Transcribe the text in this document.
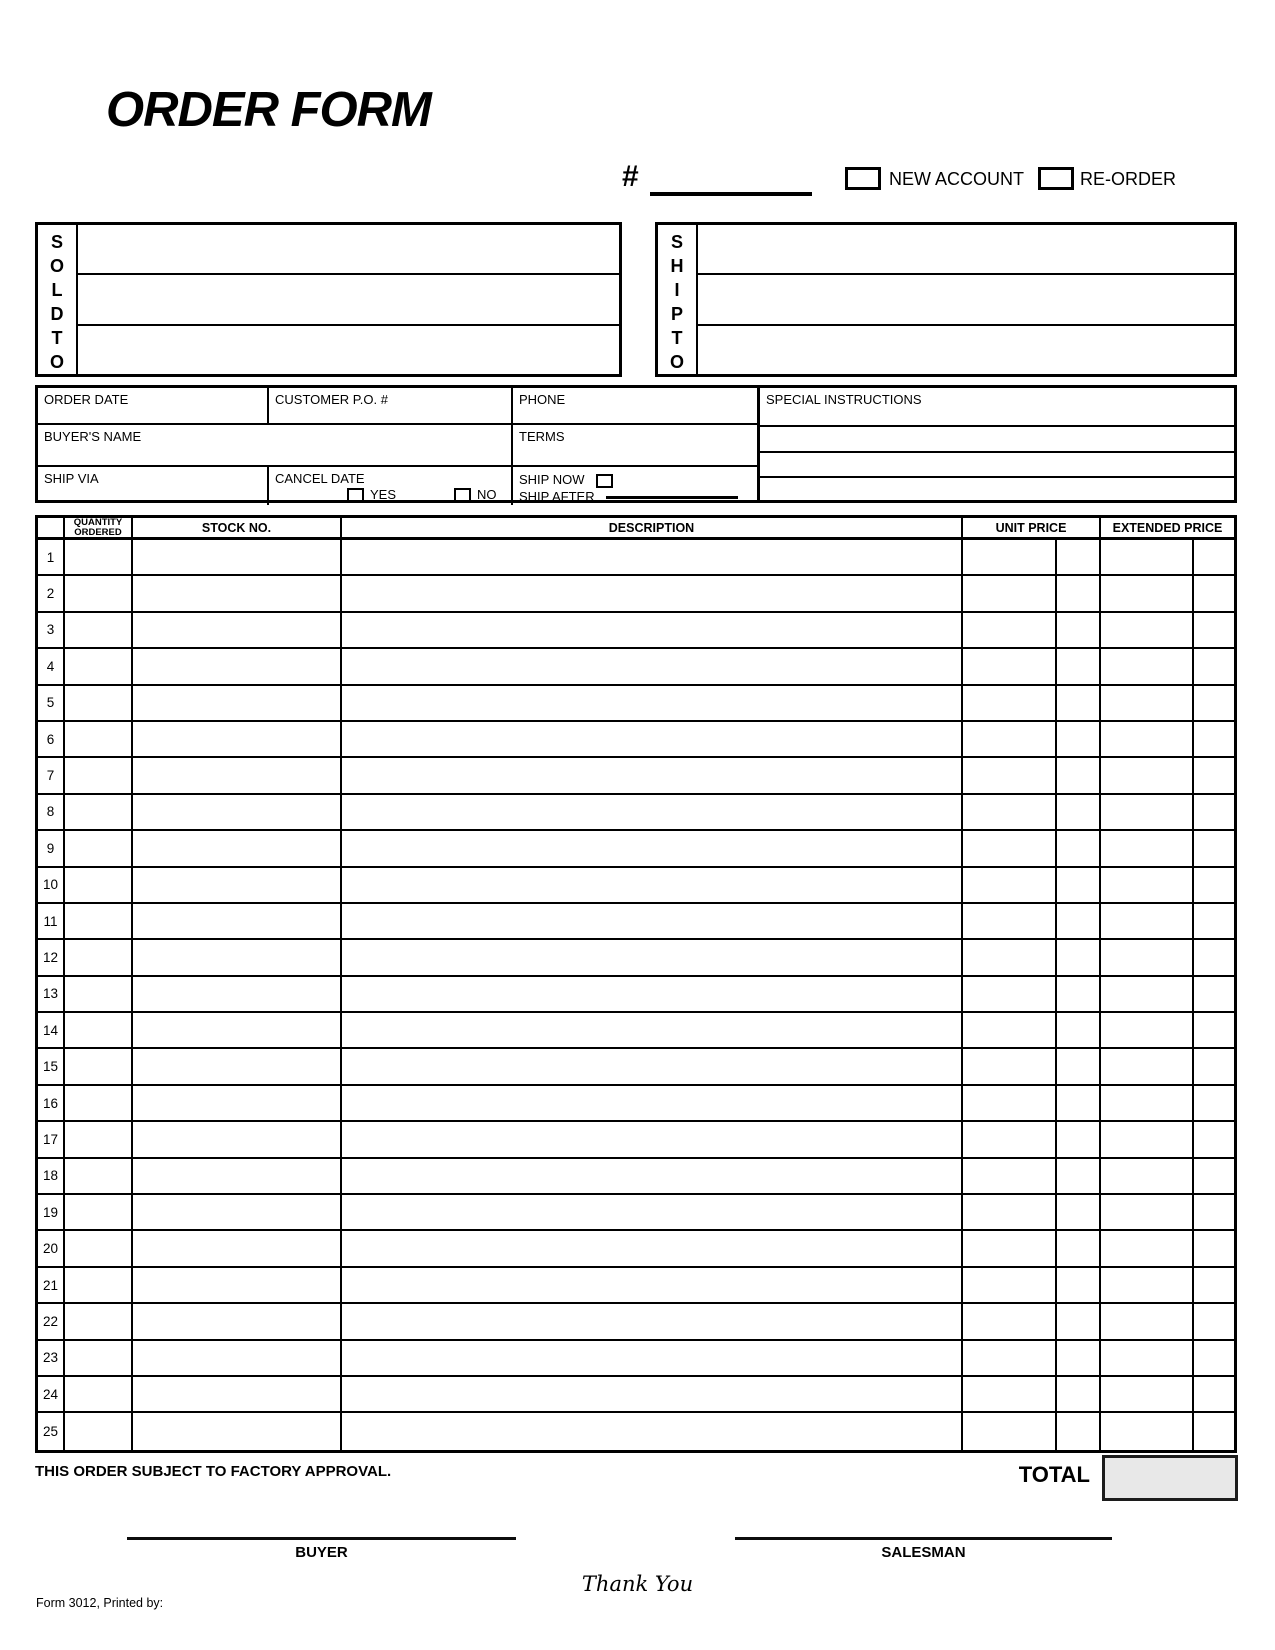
ORDER FORM
#	NEW ACCOUNT	RE-ORDER
S
O
L
D
T
O
S
H
I
P
T
O
ORDER DATE	CUSTOMER P.O. #	PHONE
BUYER'S NAME	TERMS
SHIP VIA	CANCEL DATE
YES	NO
SHIP NOW
SHIP AFTER
SPECIAL INSTRUCTIONS
QUANTITY
ORDERED	STOCK NO.	DESCRIPTION	UNIT PRICE	EXTENDED PRICE
1
2
3
4
5
6
7
8
9
10
11
12
13
14
15
16
17
18
19
20
21
22
23
24
25
THIS ORDER SUBJECT TO FACTORY APPROVAL.	TOTAL
BUYER	SALESMAN
Thank You
Form 3012, Printed by:
